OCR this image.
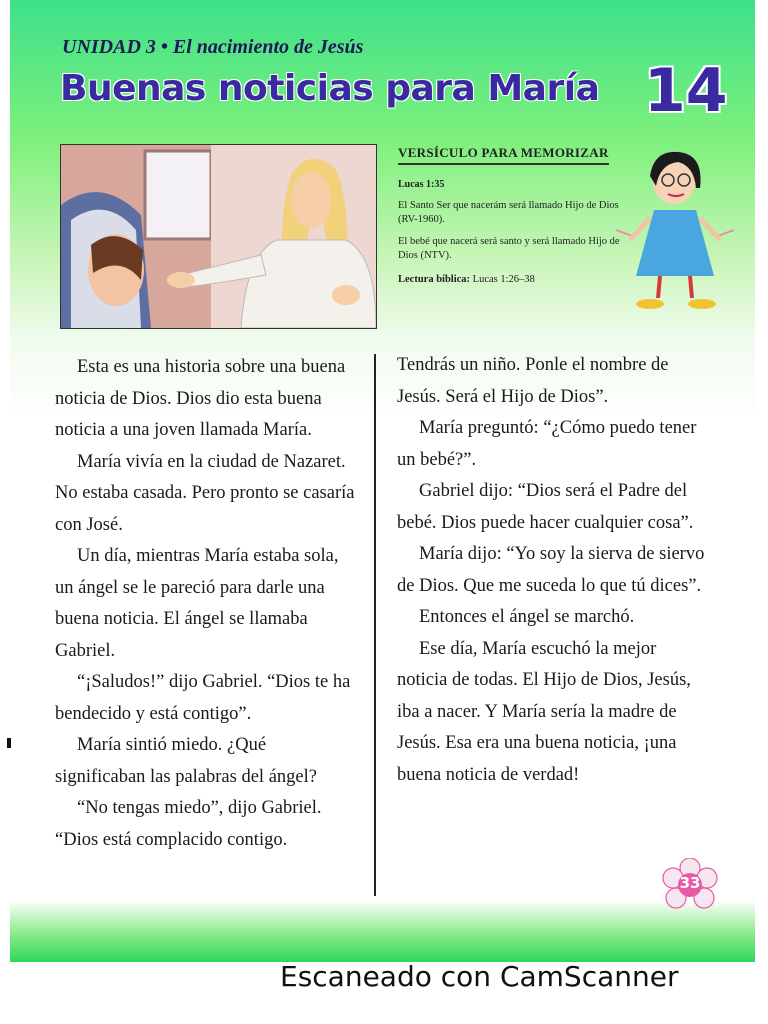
UNIDAD 3 • El nacimiento de Jesús
Buenas noticias para María 14
VERSÍCULO PARA MEMORIZAR
Lucas 1:35

El Santo Ser que nacerám será llamado Hijo de Dios (RV-1960).

El bebé que nacerá será santo y será llamado Hijo de Dios (NTV).

Lectura bíblica: Lucas 1:26–38

Esta es una historia sobre una buena noticia de Dios. Dios dio esta buena noticia a una joven llamada María.

María vivía en la ciudad de Nazaret. No estaba casada. Pero pronto se casaría con José.

Un día, mientras María estaba sola, un ángel se le pareció para darle una buena noticia. El ángel se llamaba Gabriel.

“¡Saludos!” dijo Gabriel. “Dios te ha bendecido y está contigo”.

María sintió miedo. ¿Qué significaban las palabras del ángel?

“No tengas miedo”, dijo Gabriel. “Dios está complacido contigo.

Tendrás un niño. Ponle el nombre de Jesús. Será el Hijo de Dios”.

María preguntó: “¿Cómo puedo tener un bebé?”.

Gabriel dijo: “Dios será el Padre del bebé. Dios puede hacer cualquier cosa”.

María dijo: “Yo soy la sierva de siervo de Dios. Que me suceda lo que tú dices”.

Entonces el ángel se marchó.

Ese día, María escuchó la mejor noticia de todas. El Hijo de Dios, Jesús, iba a nacer. Y María sería la madre de Jesús. Esa era una buena noticia, ¡una buena noticia de verdad!

33
Escaneado con CamScanner
